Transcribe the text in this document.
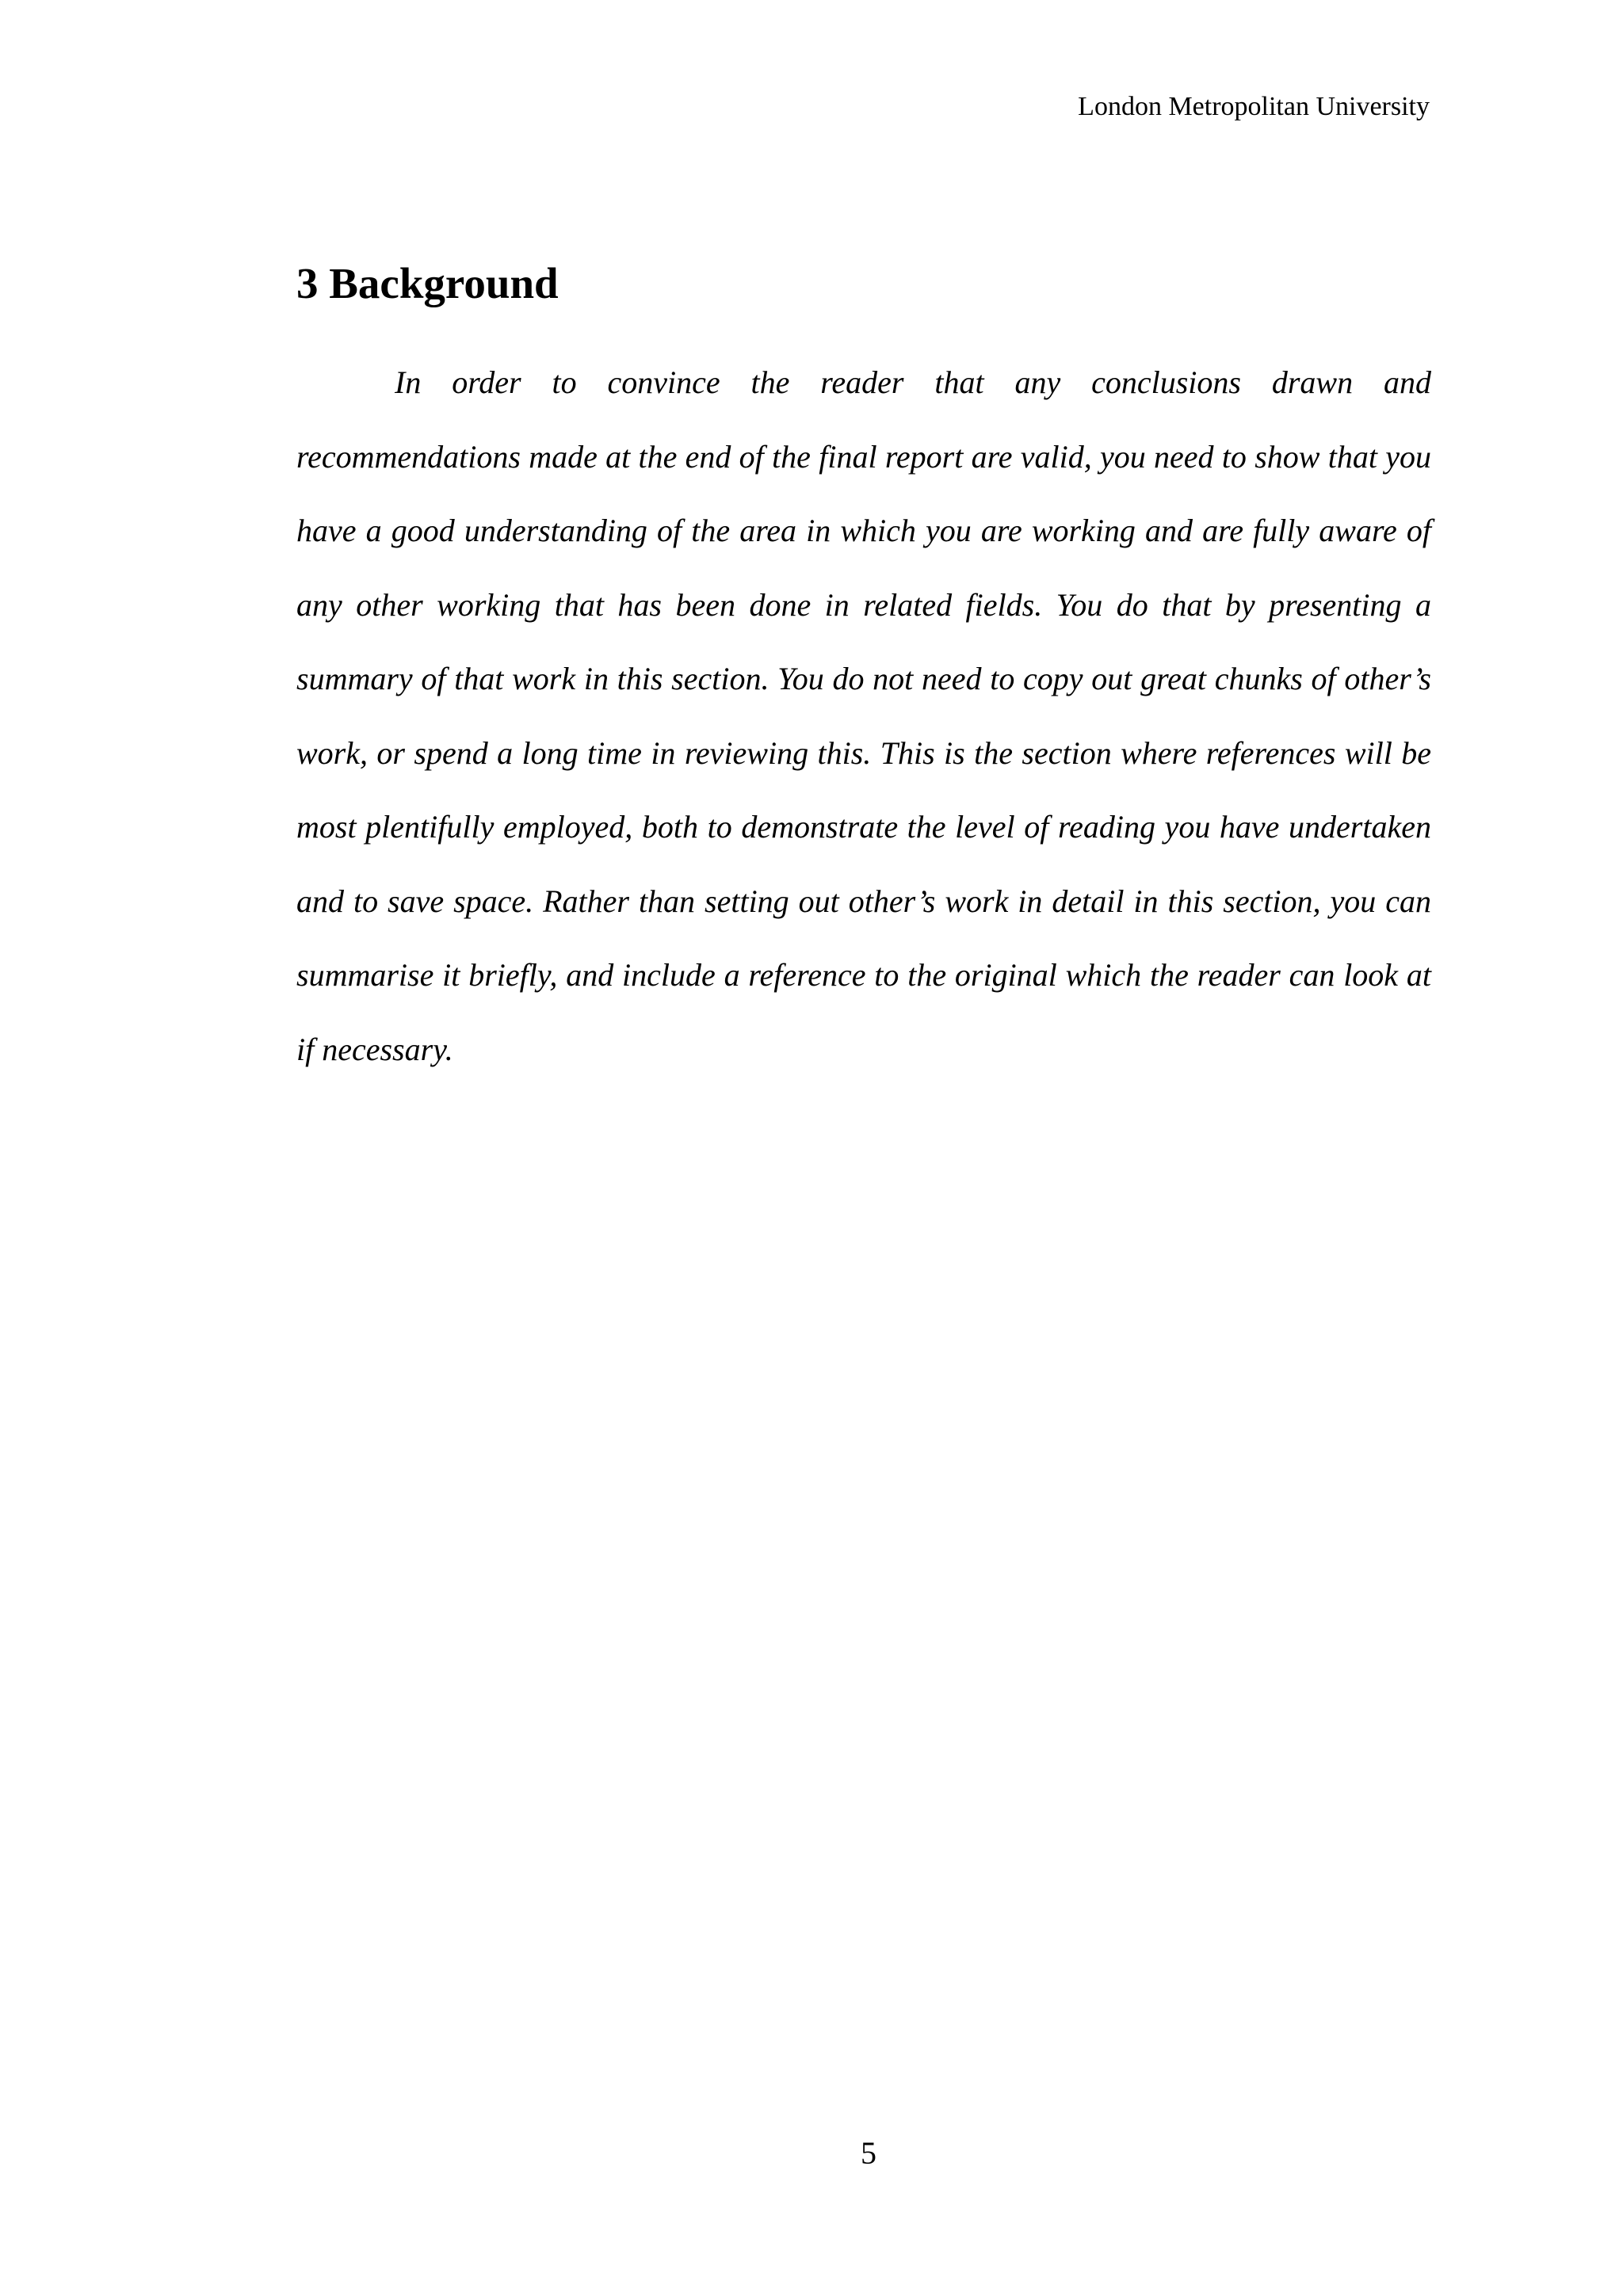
London Metropolitan University
3 Background

In order to convince the reader that any conclusions drawn and recommendations made at the end of the final report are valid, you need to show that you have a good understanding of the area in which you are working and are fully aware of any other working that has been done in related fields. You do that by presenting a summary of that work in this section. You do not need to copy out great chunks of other’s work, or spend a long time in reviewing this. This is the section where references will be most plentifully employed, both to demonstrate the level of reading you have undertaken and to save space. Rather than setting out other’s work in detail in this section, you can summarise it briefly, and include a reference to the original which the reader can look at if necessary.

5
